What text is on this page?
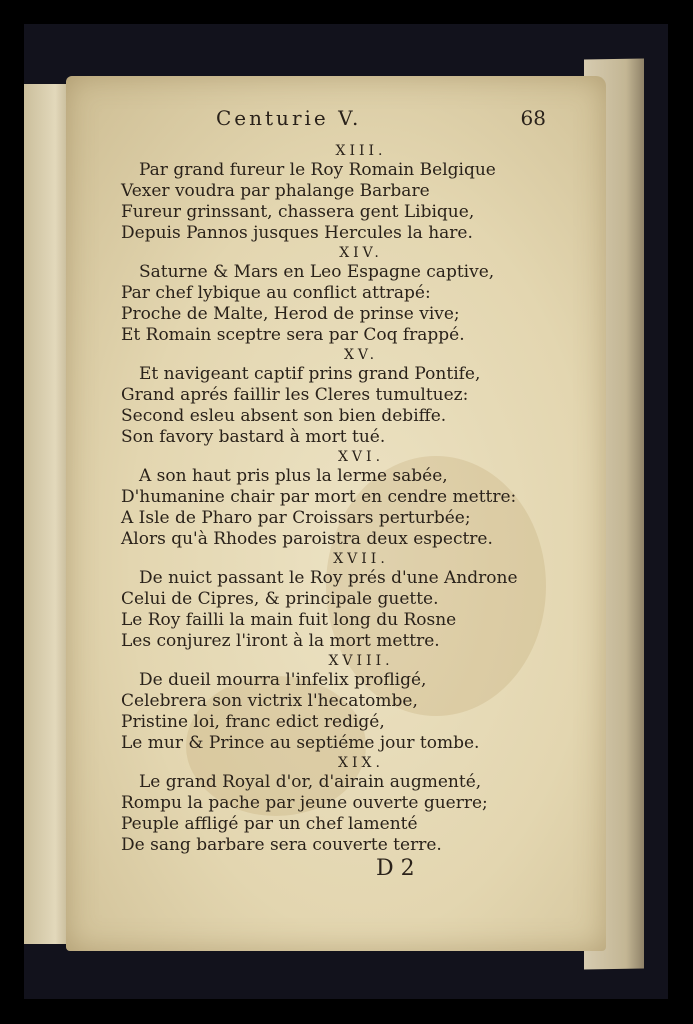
Centurie V.	68
XIII.
Par grand fureur le Roy Romain Belgique
Vexer voudra par phalange Barbare
Fureur grinssant, chassera gent Libique,
Depuis Pannos jusques Hercules la hare.
XIV.
Saturne & Mars en Leo Espagne captive,
Par chef lybique au conflict attrapé:
Proche de Malte, Herod de prinse vive;
Et Romain sceptre sera par Coq frappé.
XV.
Et navigeant captif prins grand Pontife,
Grand aprés faillir les Cleres tumultuez:
Second esleu absent son bien debiffe.
Son favory bastard à mort tué.
XVI.
A son haut pris plus la lerme sabée,
D'humanine chair par mort en cendre mettre:
A Isle de Pharo par Croissars perturbée;
Alors qu'à Rhodes paroistra deux espectre.
XVII.
De nuict passant le Roy prés d'une Androne
Celui de Cipres, & principale guette.
Le Roy failli la main fuit long du Rosne
Les conjurez l'iront à la mort mettre.
XVIII.
De dueil mourra l'infelix profligé,
Celebrera son victrix l'hecatombe,
Pristine loi, franc edict redigé,
Le mur & Prince au septiéme jour tombe.
XIX.
Le grand Royal d'or, d'airain augmenté,
Rompu la pache par jeune ouverte guerre;
Peuple affligé par un chef lamenté
De sang barbare sera couverte terre.
D 2
